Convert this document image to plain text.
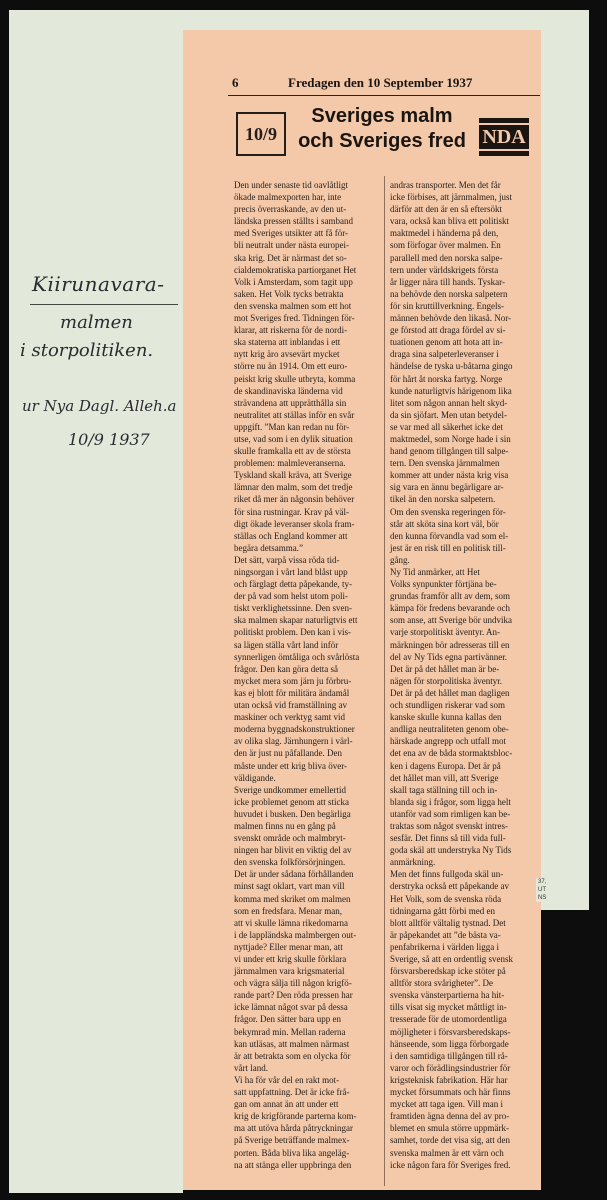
Kiirunavara-
malmen
i storpolitiken.
ur Nya Dagl. Alleh.a
10/9 1937
6	Fredagen den 10 September 1937
10/9
Sveriges malm
och Sveriges fred NDA
Den under senaste tid oavlåtligt
ökade malmexporten har, inte
precis överraskande, av den ut-
ländska pressen ställts i samband
med Sveriges utsikter att få för-
bli neutralt under nästa europei-
ska krig. Det är närmast det so-
cialdemokratiska partiorganet Het
Volk i Amsterdam, som tagit upp
saken. Het Volk tycks betrakta
den svenska malmen som ett hot
mot Sveriges fred. Tidningen för-
klarar, att riskerna för de nordi-
ska staterna att inblandas i ett
nytt krig äro avsevärt mycket
större nu än 1914. Om ett euro-
peiskt krig skulle utbryta, komma
de skandinaviska länderna vid
strävandena att upprätthålla sin
neutralitet att ställas inför en svår
uppgift. ”Man kan redan nu för-
utse, vad som i en dylik situation
skulle framkalla ett av de största
problemen: malmleveranserna.
Tyskland skall kräva, att Sverige
lämnar den malm, som det tredje
riket då mer än någonsin behöver
för sina rustningar. Krav på väl-
digt ökade leveranser skola fram-
ställas och England kommer att
begära detsamma.”
Det sätt, varpå vissa röda tid-
ningsorgan i vårt land blåst upp
och färglagt detta påpekande, ty-
der på vad som helst utom poli-
tiskt verklighetssinne. Den sven-
ska malmen skapar naturligtvis ett
politiskt problem. Den kan i vis-
sa lägen ställa vårt land inför
synnerligen ömtåliga och svårlösta
frågor. Den kan göra detta så
mycket mera som järn ju förbru-
kas ej blott för militära ändamål
utan också vid framställning av
maskiner och verktyg samt vid
moderna byggnadskonstruktioner
av olika slag. Järnhungern i värl-
den är just nu påfallande. Den
måste under ett krig bliva över-
väldigande.
Sverige undkommer emellertid
icke problemet genom att sticka
huvudet i busken. Den begärliga
malmen finns nu en gång på
svenskt område och malmbryt-
ningen har blivit en viktig del av
den svenska folkförsörjningen.
Det är under sådana förhållanden
minst sagt oklart, vart man vill
komma med skriket om malmen
som en fredsfara. Menar man,
att vi skulle lämna rikedomarna
i de lappländska malmbergen out-
nyttjade? Eller menar man, att
vi under ett krig skulle förklara
järnmalmen vara krigsmaterial
och vägra sälja till någon krigfö-
rande part? Den röda pressen har
icke lämnat något svar på dessa
frågor. Den sätter bara upp en
bekymrad min. Mellan raderna
kan utläsas, att malmen närmast
är att betrakta som en olycka för
vårt land.
Vi ha för vår del en rakt mot-
satt uppfattning. Det är icke frå-
gan om annat än att under ett
krig de krigförande parterna kom-
ma att utöva hårda påtryckningar
på Sverige beträffande malmex-
porten. Båda bliva lika angeläg-
na att stänga eller uppbringa den
andras transporter. Men det får
icke förbises, att järnmalmen, just
därför att den är en så eftersökt
vara, också kan bliva ett politiskt
maktmedel i händerna på den,
som förfogar över malmen. En
parallell med den norska salpe-
tern under världskrigets första
år ligger nära till hands. Tyskar-
na behövde den norska salpetern
för sin kruttillverkning. Engels-
männen behövde den likaså. Nor-
ge förstod att draga fördel av si-
tuationen genom att hota att in-
draga sina salpeterleveranser i
händelse de tyska u-båtarna gingo
för hårt åt norska fartyg. Norge
kunde naturligtvis härigenom lika
litet som någon annan helt skyd-
da sin sjöfart. Men utan betydel-
se var med all säkerhet icke det
maktmedel, som Norge hade i sin
hand genom tillgången till salpe-
tern. Den svenska järnmalmen
kommer att under nästa krig visa
sig vara en ännu begärligare ar-
tikel än den norska salpetern.
Om den svenska regeringen för-
står att sköta sina kort väl, bör
den kunna förvandla vad som el-
jest är en risk till en politisk till-
gång.
Ny Tid anmärker, att Het
Volks synpunkter förtjäna be-
grundas framför allt av dem, som
kämpa för fredens bevarande och
som anse, att Sverige bör undvika
varje storpolitiskt äventyr. An-
märkningen bör adresseras till en
del av Ny Tids egna partivänner.
Det är på det hållet man är be-
nägen för storpolitiska äventyr.
Det är på det hållet man dagligen
och stundligen riskerar vad som
kanske skulle kunna kallas den
andliga neutraliteten genom obe-
härskade angrepp och utfall mot
det ena av de båda stormaktsbloc-
ken i dagens Europa. Det är på
det hållet man vill, att Sverige
skall taga ställning till och in-
blanda sig i frågor, som ligga helt
utanför vad som rimligen kan be-
traktas som något svenskt intres-
sesfär. Det finns så till vida full-
goda skäl att understryka Ny Tids
anmärkning.
Men det finns fullgoda skäl un-
derstryka också ett påpekande av
Het Volk, som de svenska röda
tidningarna gått förbi med en
blott alltför vältalig tystnad. Det
är påpekandet att ”de bästa va-
penfabrikerna i världen ligga i
Sverige, så att en ordentlig svensk
försvarsberedskap icke stöter på
alltför stora svårigheter”. De
svenska vänsterpartierna ha hit-
tills visat sig mycket måttligt in-
tresserade för de utomordentliga
möjligheter i försvarsberedskaps-
hänseende, som ligga förborgade
i den samtidiga tillgången till rå-
varor och förädlingsindustrier för
krigsteknisk fabrikation. Här har
mycket försummats och här finns
mycket att taga igen. Vill man i
framtiden ägna denna del av pro-
blemet en smula större uppmärk-
samhet, torde det visa sig, att den
svenska malmen är ett värn och
icke någon fara för Sveriges fred.
37,
UT
NS
